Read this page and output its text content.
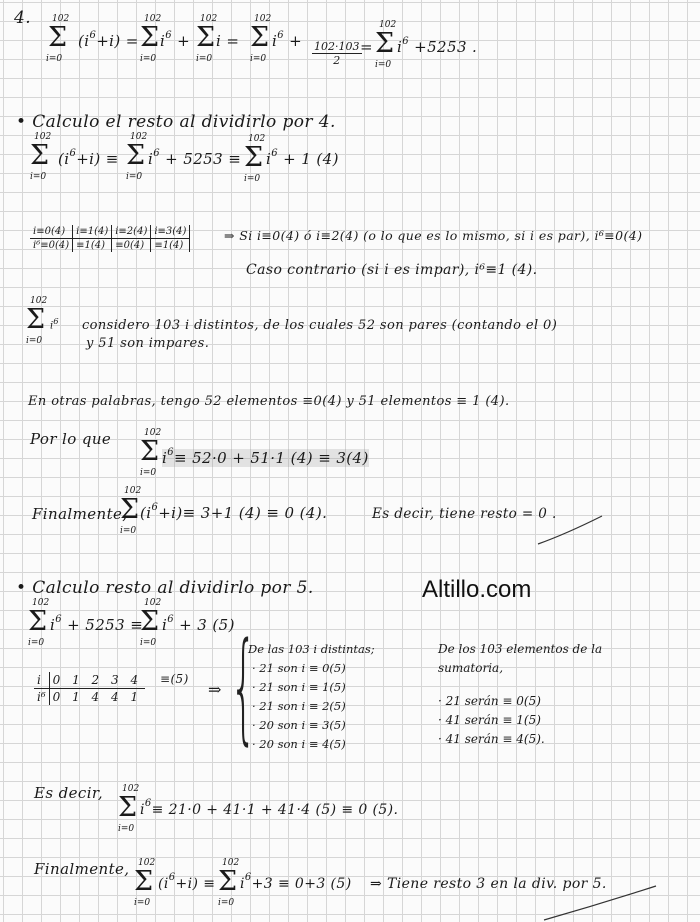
4. 102
Σ
i=0
$(i^6+i)$ =
102
Σ
i=0
$i^6$ +
102
Σ
i=0
i =
102
Σ
i=0
$i^6 + \frac{102\cdot 103}{2}$
=
102
Σ
i=0
$i^6 +5253$ .
• Calculo el resto al dividirlo por 4.
102
Σ
i=0
$(i^6+i)$ ≡
102
Σ
i=0
$i^6 + 5253$ ≡
102
Σ
i=0
$i^6 + 1$ (4)
i≡0(4)	i≡1(4)	i≡2(4)	i≡3(4)
i⁶≡0(4)	≡1(4)	≡0(4)	≡1(4)
⇒ Si i≡0(4) ó i≡2(4) (o lo que es lo mismo, si i es par), i⁶≡0(4)
Caso contrario (si i es impar), i⁶≡1 (4).
102
Σ
i=0
$i^6$ considero 103 i distintos, de los cuales 52 son pares (contando el 0)
y 51 son impares.
En otras palabras, tengo 52 elementos ≡0(4) y 51 elementos ≡ 1 (4).
Por lo que	102
Σ
i=0
$i^6\equiv 52\cdot 0 + 51\cdot 1$ (4) ≡ 3(4)
Finalmente,
102
Σ
i=0
$(i^6+i)\equiv 3+1$ (4) ≡ 0 (4).	Es decir, tiene resto = 0 .
• Calculo resto al dividirlo por 5.	Altillo.com
102
Σ
i=0
$i^6 + 5253$ ≡
102
Σ
i=0
$i^6 + 3$ (5)
i	0 1 2 3 4
i⁶	0 1 4 4 1
≡(5)
⇒ {
De las 103 i distintas;
· 21 son i ≡ 0(5)
· 21 son i ≡ 1(5)
· 21 son i ≡ 2(5)
· 20 son i ≡ 3(5)
· 20 son i ≡ 4(5)
De los 103 elementos de la
sumatoria,
· 21 serán ≡ 0(5)
· 41 serán ≡ 1(5)
· 41 serán ≡ 4(5).
Es decir, 102
Σ
i=0
$i^6\equiv 21\cdot 0 + 41\cdot 1 + 41\cdot 4$ (5) ≡ 0 (5).
Finalmente, 102
Σ
i=0
$(i^6+i)$ ≡
102
Σ
i=0
$i^6+3 \equiv 0+3$ (5) ⇒ Tiene resto 3 en la div. por 5.
